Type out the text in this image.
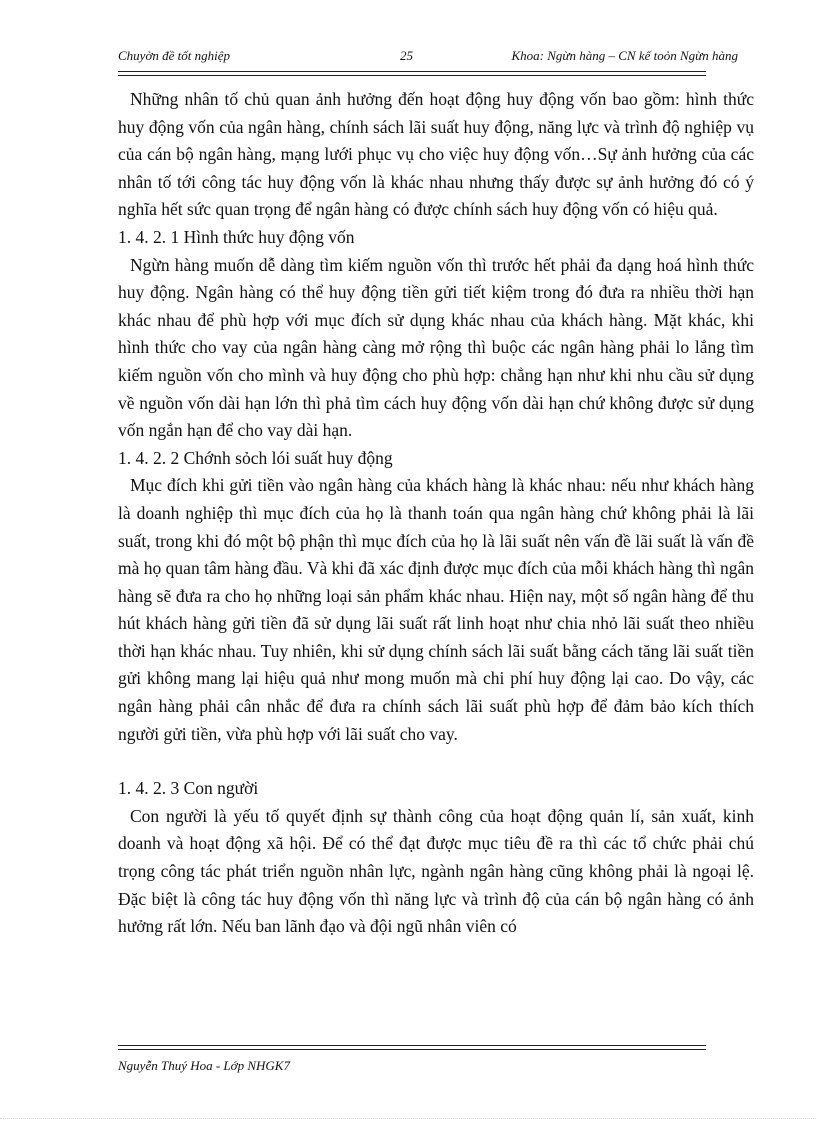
Chuyờn đề tốt nghiệp	25	Khoa: Ngừn hàng – CN kế toỏn Ngừn hàng

Những nhân tố chủ quan ảnh hưởng đến hoạt động huy động vốn bao gồm: hình thức huy động vốn của ngân hàng, chính sách lãi suất huy động, năng lực và trình độ nghiệp vụ của cán bộ ngân hàng, mạng lưới phục vụ cho việc huy động vốn…Sự ảnh hưởng của các nhân tố tới công tác huy động vốn là khác nhau nhưng thấy được sự ảnh hưởng đó có ý nghĩa hết sức quan trọng để ngân hàng có được chính sách huy động vốn có hiệu quả.

1. 4. 2. 1 Hình thức huy động vốn

Ngừn hàng muốn dễ dàng tìm kiếm nguồn vốn thì trước hết phải đa dạng hoá hình thức huy động. Ngân hàng có thể huy động tiền gửi tiết kiệm trong đó đưa ra nhiều thời hạn khác nhau để phù hợp với mục đích sử dụng khác nhau của khách hàng. Mặt khác, khi hình thức cho vay của ngân hàng càng mở rộng thì buộc các ngân hàng phải lo lắng tìm kiếm nguồn vốn cho mình và huy động cho phù hợp: chẳng hạn như khi nhu cầu sử dụng về nguồn vốn dài hạn lớn thì phả tìm cách huy động vốn dài hạn chứ không được sử dụng vốn ngắn hạn để cho vay dài hạn.

1. 4. 2. 2 Chớnh sỏch lói suất huy động

Mục đích khi gửi tiền vào ngân hàng của khách hàng là khác nhau: nếu như khách hàng là doanh nghiệp thì mục đích của họ là thanh toán qua ngân hàng chứ không phải là lãi suất, trong khi đó một bộ phận thì mục đích của họ là lãi suất nên vấn đề lãi suất là vấn đề mà họ quan tâm hàng đầu. Và khi đã xác định được mục đích của mỗi khách hàng thì ngân hàng sẽ đưa ra cho họ những loại sản phẩm khác nhau. Hiện nay, một số ngân hàng để thu hút khách hàng gửi tiền đã sử dụng lãi suất rất linh hoạt như chia nhỏ lãi suất theo nhiều thời hạn khác nhau. Tuy nhiên, khi sử dụng chính sách lãi suất bằng cách tăng lãi suất tiền gửi không mang lại hiệu quả như mong muốn mà chi phí huy động lại cao. Do vậy, các ngân hàng phải cân nhắc để đưa ra chính sách lãi suất phù hợp để đảm bảo kích thích người gửi tiền, vừa phù hợp với lãi suất cho vay.

1. 4. 2. 3 Con người

Con người là yếu tố quyết định sự thành công của hoạt động quản lí, sản xuất, kinh doanh và hoạt động xã hội. Để có thể đạt được mục tiêu đề ra thì các tổ chức phải chú trọng công tác phát triển nguồn nhân lực, ngành ngân hàng cũng không phải là ngoại lệ. Đặc biệt là công tác huy động vốn thì năng lực và trình độ của cán bộ ngân hàng có ảnh hưởng rất lớn. Nếu ban lãnh đạo và đội ngũ nhân viên có

Nguyễn Thuý Hoa - Lớp NHGK7
